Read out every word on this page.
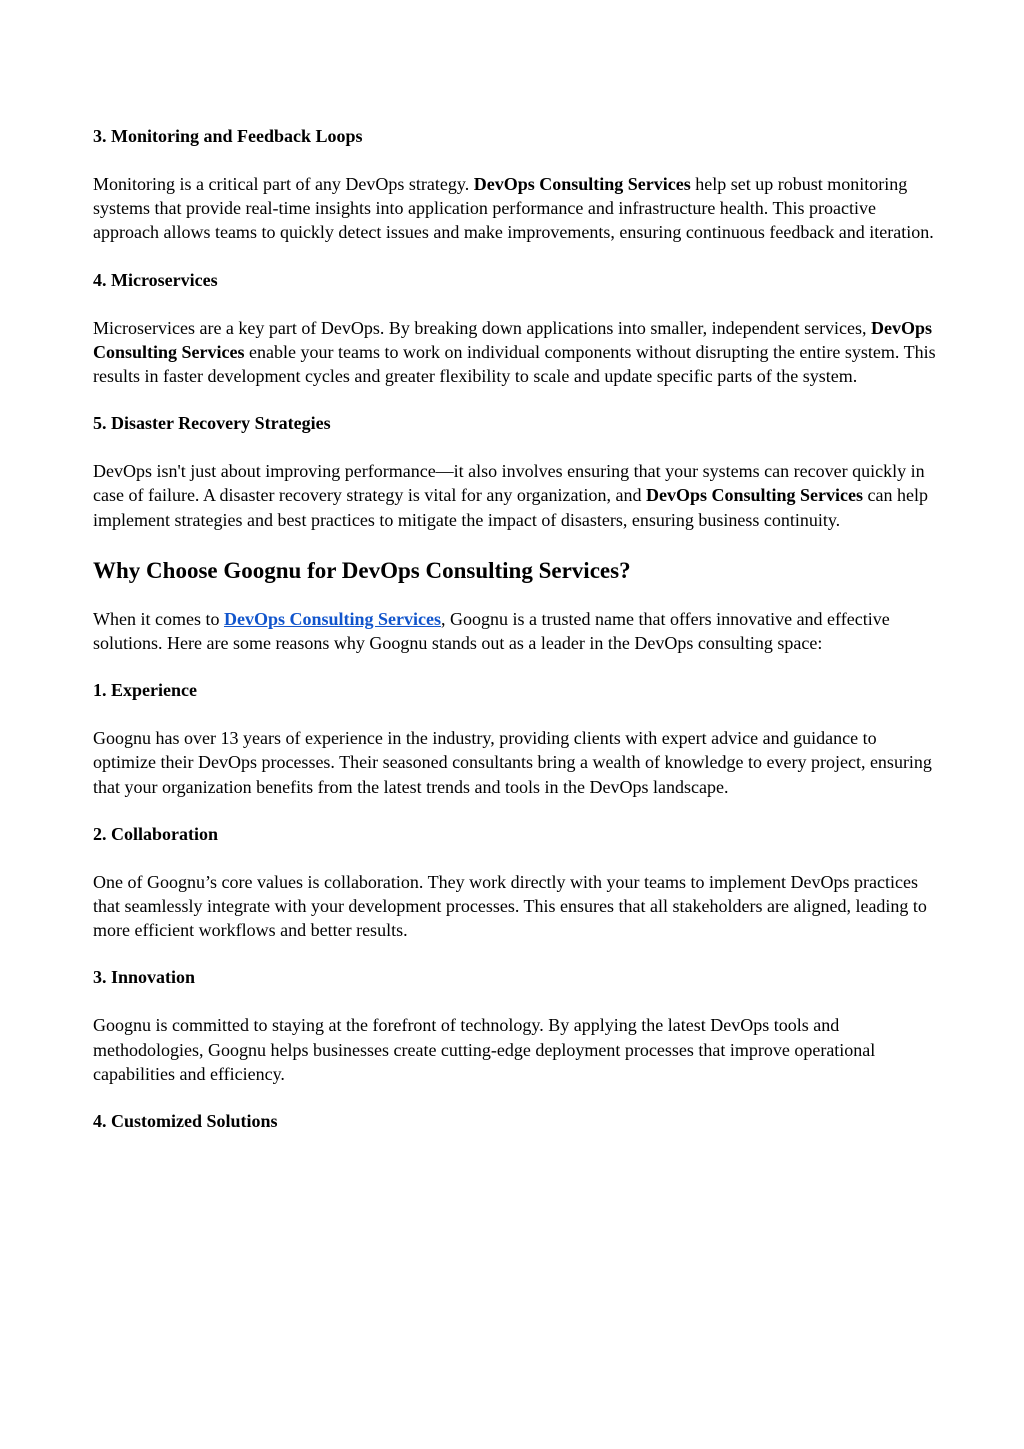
3. Monitoring and Feedback Loops

Monitoring is a critical part of any DevOps strategy. DevOps Consulting Services help set up robust monitoring systems that provide real-time insights into application performance and infrastructure health. This proactive approach allows teams to quickly detect issues and make improvements, ensuring continuous feedback and iteration.

4. Microservices

Microservices are a key part of DevOps. By breaking down applications into smaller, independent services, DevOps Consulting Services enable your teams to work on individual components without disrupting the entire system. This results in faster development cycles and greater flexibility to scale and update specific parts of the system.

5. Disaster Recovery Strategies

DevOps isn't just about improving performance—it also involves ensuring that your systems can recover quickly in case of failure. A disaster recovery strategy is vital for any organization, and DevOps Consulting Services can help implement strategies and best practices to mitigate the impact of disasters, ensuring business continuity.

Why Choose Goognu for DevOps Consulting Services?

When it comes to DevOps Consulting Services, Goognu is a trusted name that offers innovative and effective solutions. Here are some reasons why Goognu stands out as a leader in the DevOps consulting space:

1. Experience

Goognu has over 13 years of experience in the industry, providing clients with expert advice and guidance to optimize their DevOps processes. Their seasoned consultants bring a wealth of knowledge to every project, ensuring that your organization benefits from the latest trends and tools in the DevOps landscape.

2. Collaboration

One of Goognu’s core values is collaboration. They work directly with your teams to implement DevOps practices that seamlessly integrate with your development processes. This ensures that all stakeholders are aligned, leading to more efficient workflows and better results.

3. Innovation

Goognu is committed to staying at the forefront of technology. By applying the latest DevOps tools and methodologies, Goognu helps businesses create cutting-edge deployment processes that improve operational capabilities and efficiency.

4. Customized Solutions
